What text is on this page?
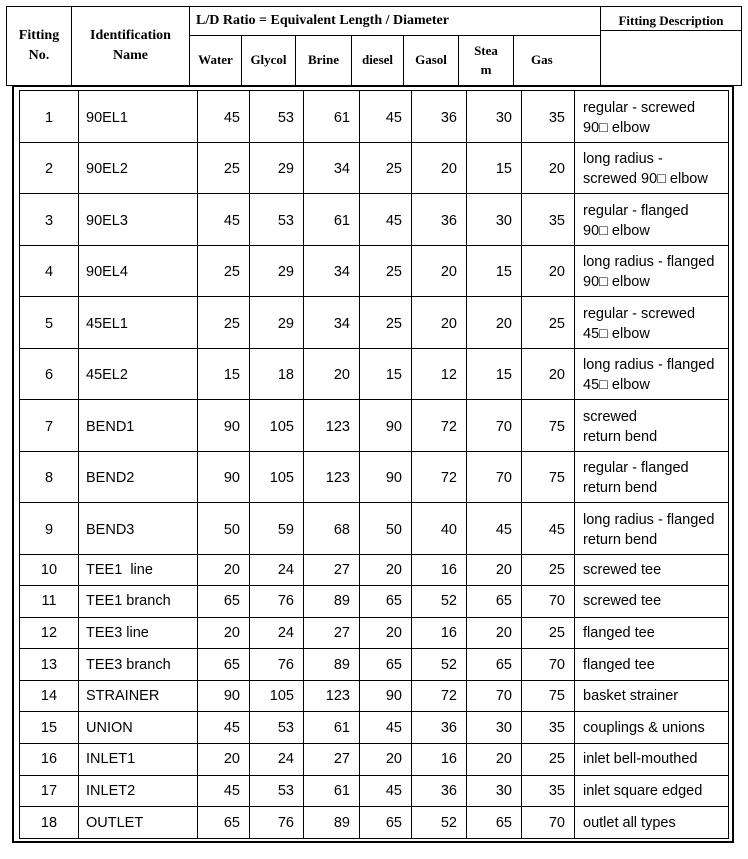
Fitting
No.
Identification
Name
L/D Ratio = Equivalent Length / Diameter
Water	Glycol	Brine	diesel	Gasol
Stea
m
Gas
Fitting Description
1	90EL1	45	53	61	45	36	30	35	regular - screwed
90□ elbow
2	90EL2	25	29	34	25	20	15	20	long radius -
screwed 90□ elbow
3	90EL3	45	53	61	45	36	30	35	regular - flanged
90□ elbow
4	90EL4	25	29	34	25	20	15	20	long radius - flanged
90□ elbow
5	45EL1	25	29	34	25	20	20	25	regular - screwed
45□ elbow
6	45EL2	15	18	20	15	12	15	20	long radius - flanged
45□ elbow
7	BEND1	90	105	123	90	72	70	75	screwed
return bend
8	BEND2	90	105	123	90	72	70	75	regular - flanged
return bend
9	BEND3	50	59	68	50	40	45	45	long radius - flanged
return bend
10	TEE1  line	20	24	27	20	16	20	25	screwed tee
11	TEE1 branch	65	76	89	65	52	65	70	screwed tee
12	TEE3 line	20	24	27	20	16	20	25	flanged tee
13	TEE3 branch	65	76	89	65	52	65	70	flanged tee
14	STRAINER	90	105	123	90	72	70	75	basket strainer
15	UNION	45	53	61	45	36	30	35	couplings & unions
16	INLET1	20	24	27	20	16	20	25	inlet bell-mouthed
17	INLET2	45	53	61	45	36	30	35	inlet square edged
18	OUTLET	65	76	89	65	52	65	70	outlet all types
